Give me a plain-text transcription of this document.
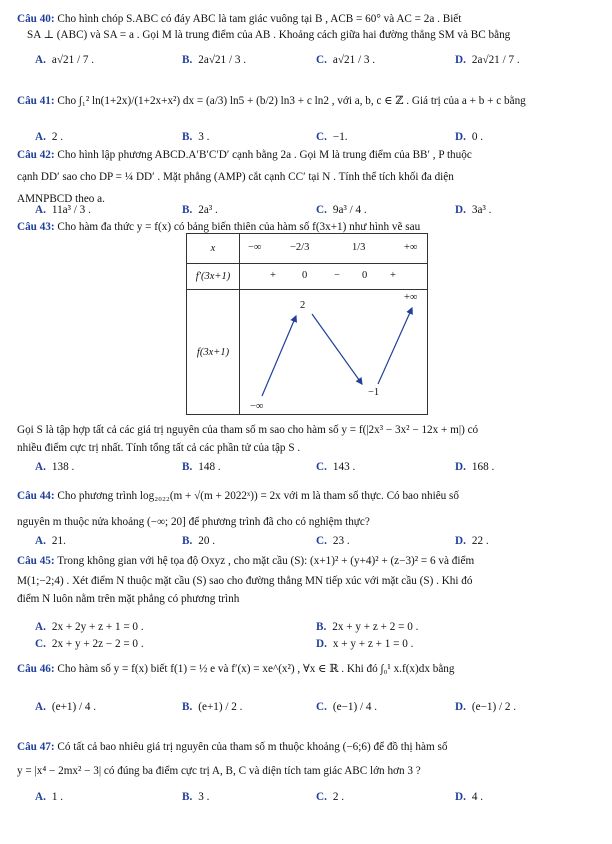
Câu 40: Cho hình chóp S.ABC có đáy ABC là tam giác vuông tại B , ACB = 60° và AC = 2a . Biết
SA ⊥ (ABC) và SA = a . Gọi M là trung điểm của AB . Khoảng cách giữa hai đường thẳng SM và BC bằng
A. a√21 / 7 .	B. 2a√21 / 3 .	C. a√21 / 3 .	D. 2a√21 / 7 .
Câu 41: Cho ∫₁² ln(1+2x)/(1+2x+x²) dx = (a/3) ln5 + (b/2) ln3 + c ln2 , với a, b, c ∈ ℤ . Giá trị của a + b + c bằng
A. 2 .	B. 3 .	C. −1.	D. 0 .
Câu 42: Cho hình lập phương ABCD.A′B′C′D′ cạnh bằng 2a . Gọi M là trung điểm của BB′ , P thuộc
cạnh DD′ sao cho DP = ¼ DD′ . Mặt phẳng (AMP) cắt cạnh CC′ tại N . Tính thể tích khối đa diện
AMNPBCD theo a.
A. 11a³ / 3 .	B. 2a³ .	C. 9a³ / 4 .	D. 3a³ .
Câu 43: Cho hàm đa thức y = f(x) có bảng biến thiên của hàm số f(3x+1) như hình vẽ sau
x	−∞ −2/3 1/3 +∞

f′(3x+1)	+ 0 − 0 +

f(3x+1)	−∞
2
−1
+∞
Gọi S là tập hợp tất cả các giá trị nguyên của tham số m sao cho hàm số y = f(|2x³ − 3x² − 12x + m|) có
nhiều điểm cực trị nhất. Tính tổng tất cả các phần tử của tập S .
A. 138 .	B. 148 .	C. 143 .	D. 168 .
Câu 44: Cho phương trình log₂₀₂₂(m + √(m + 2022ˣ)) = 2x với m là tham số thực. Có bao nhiêu số
nguyên m thuộc nửa khoảng (−∞; 20] để phương trình đã cho có nghiệm thực?
A. 21.	B. 20 .	C. 23 .	D. 22 .
Câu 45: Trong không gian với hệ tọa độ Oxyz , cho mặt cầu (S): (x+1)² + (y+4)² + (z−3)² = 6 và điểm
M(1;−2;4) . Xét điểm N thuộc mặt cầu (S) sao cho đường thẳng MN tiếp xúc với mặt cầu (S) . Khi đó
điểm N luôn nằm trên mặt phẳng có phương trình
A. 2x + 2y + z + 1 = 0 .	B. 2x + y + z + 2 = 0 .
C. 2x + y + 2z − 2 = 0 .	D. x + y + z + 1 = 0 .
Câu 46: Cho hàm số y = f(x) biết f(1) = ½ e và f′(x) = xe^(x²) , ∀x ∈ ℝ . Khi đó ∫₀¹ x.f(x)dx bằng
A. (e+1) / 4 .	B. (e+1) / 2 .	C. (e−1) / 4 .	D. (e−1) / 2 .
Câu 47: Có tất cả bao nhiêu giá trị nguyên của tham số m thuộc khoảng (−6;6) để đồ thị hàm số
y = |x⁴ − 2mx² − 3| có đúng ba điểm cực trị A, B, C và diện tích tam giác ABC lớn hơn 3 ?
A. 1 .	B. 3 .	C. 2 .	D. 4 .
